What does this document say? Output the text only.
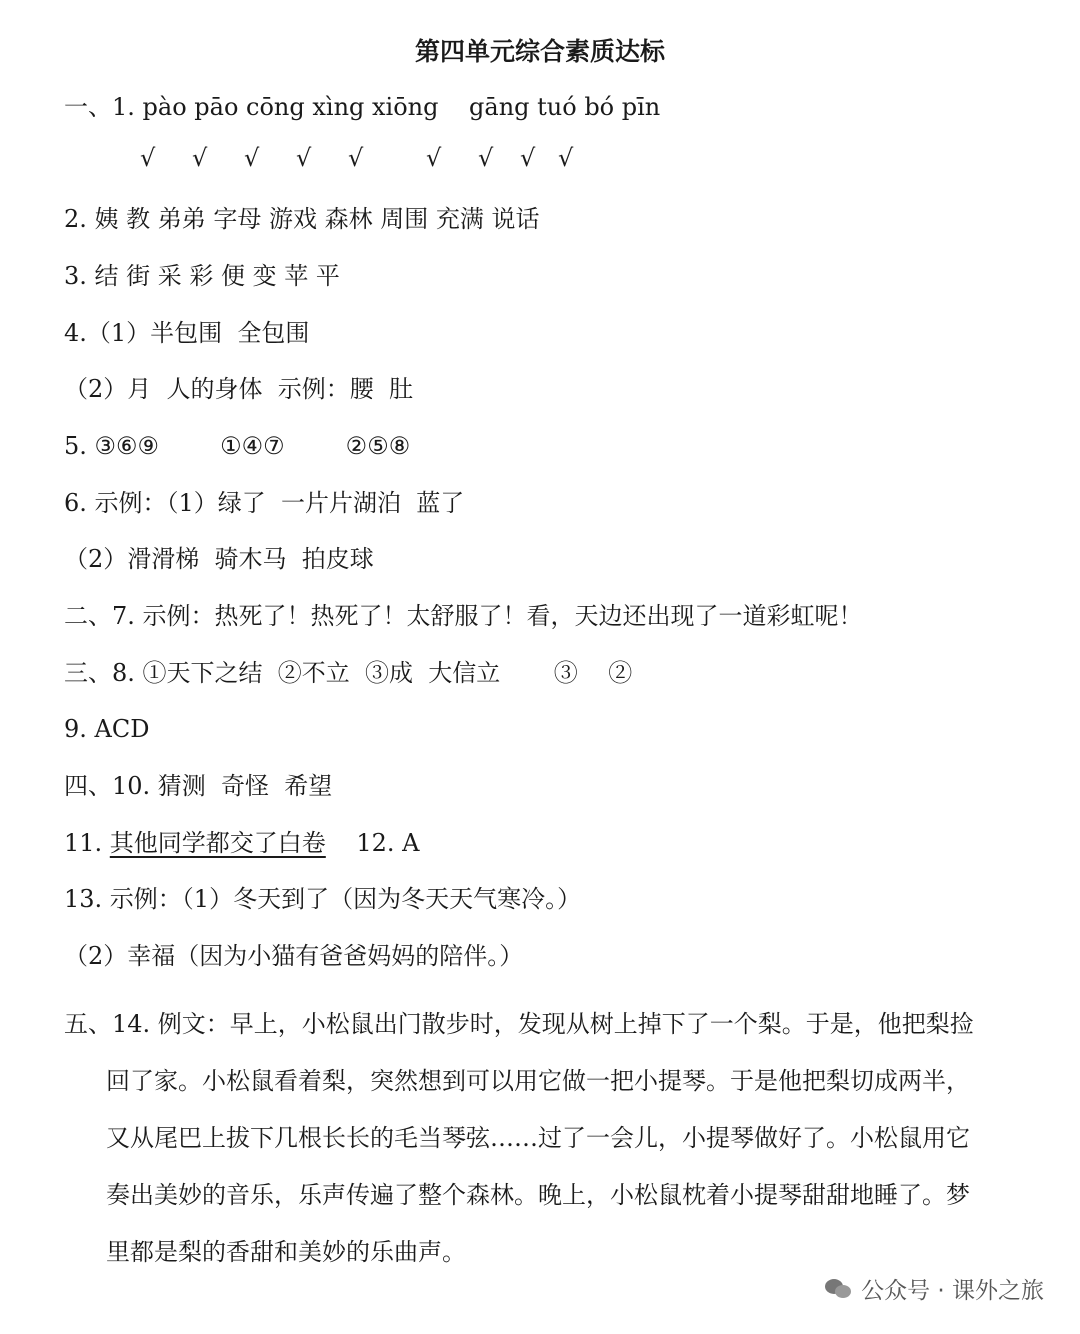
第四单元综合素质达标
一、1. pào pāo cōng xìng xiōng    gāng tuó bó pīn
√ √ √ √ √	√ √ √ √
2. 姨 教 弟弟 字母 游戏 森林 周围 充满 说话
3. 结 街 采 彩 便 变 苹 平
4.（1）半包围  全包围
（2）月  人的身体  示例：腰  肚
5. ③⑥⑨        ①④⑦        ②⑤⑧
6. 示例：（1）绿了  一片片湖泊  蓝了
（2）滑滑梯  骑木马  拍皮球
二、7. 示例：热死了！热死了！太舒服了！看，天边还出现了一道彩虹呢！
三、8. ①天下之结  ②不立  ③成  大信立       ③    ②
9. ACD
四、10. 猜测  奇怪  希望
11. 其他同学都交了白卷    12. A
13. 示例：（1）冬天到了（因为冬天天气寒冷。）
（2）幸福（因为小猫有爸爸妈妈的陪伴。）
五、14. 例文：早上，小松鼠出门散步时，发现从树上掉下了一个梨。于是，他把梨捡
回了家。小松鼠看着梨，突然想到可以用它做一把小提琴。于是他把梨切成两半，
又从尾巴上拔下几根长长的毛当琴弦……过了一会儿，小提琴做好了。小松鼠用它
奏出美妙的音乐，乐声传遍了整个森林。晚上，小松鼠枕着小提琴甜甜地睡了。梦
里都是梨的香甜和美妙的乐曲声。
公众号 · 课外之旅
